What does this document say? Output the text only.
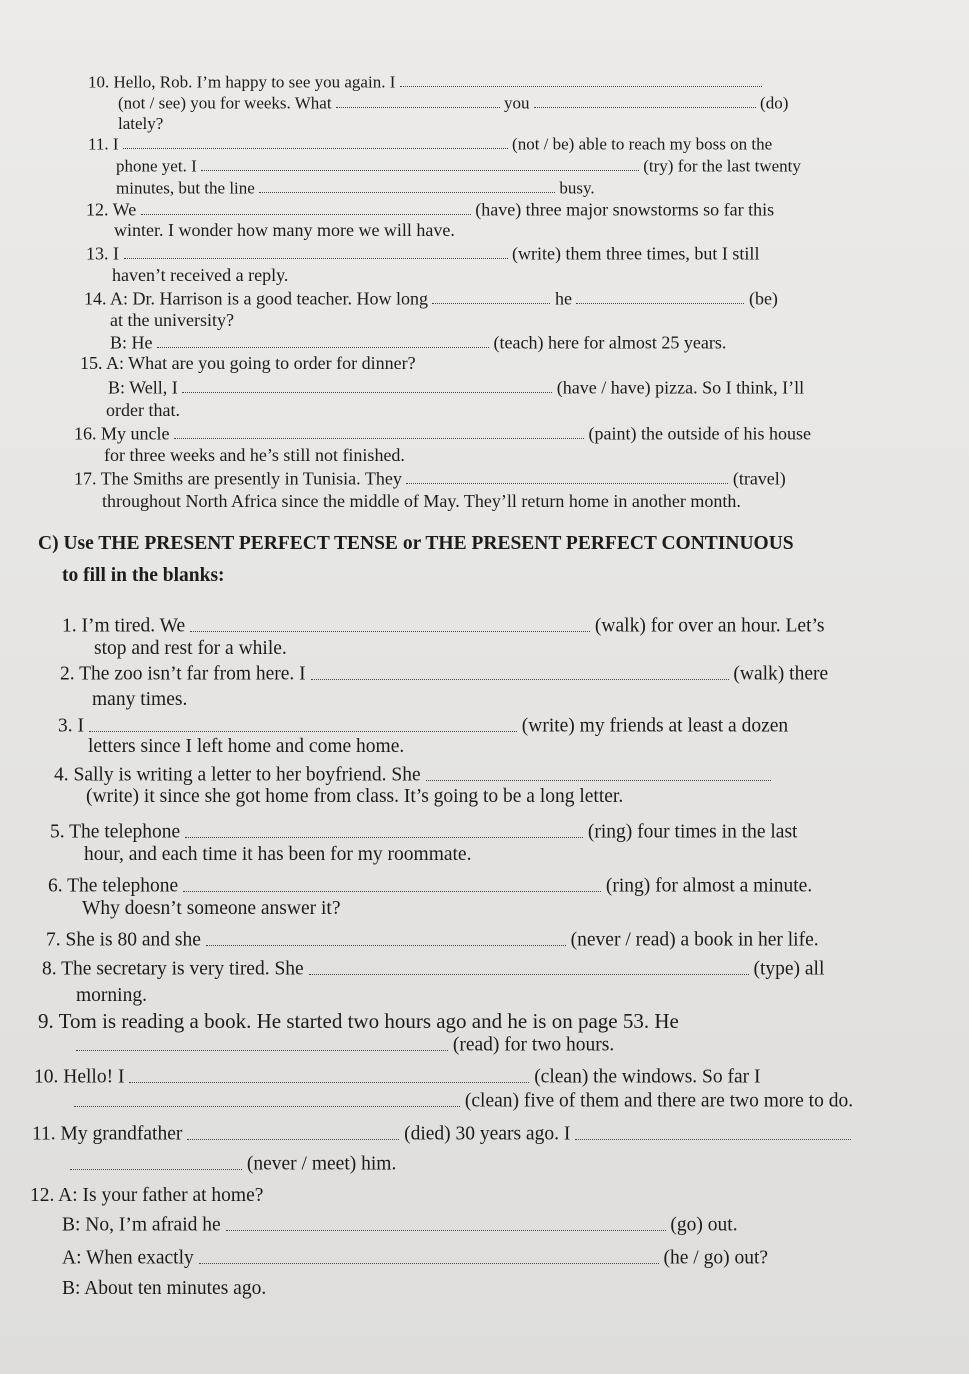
10. Hello, Rob. I’m happy to see you again. I
(not / see) you for weeks. What	you	(do)
lately?
11. I	(not / be) able to reach my boss on the
phone yet. I	(try) for the last twenty
minutes, but the line	busy.
12. We	(have) three major snowstorms so far this
winter. I wonder how many more we will have.
13. I	(write) them three times, but I still
haven’t received a reply.
14. A: Dr. Harrison is a good teacher. How long	he	(be)
at the university?
B: He	(teach) here for almost 25 years.
15. A: What are you going to order for dinner?
B: Well, I	(have / have) pizza. So I think, I’ll
order that.
16. My uncle	(paint) the outside of his house
for three weeks and he’s still not finished.
17. The Smiths are presently in Tunisia. They	(travel)
throughout North Africa since the middle of May. They’ll return home in another month.
C) Use THE PRESENT PERFECT TENSE or THE PRESENT PERFECT CONTINUOUS
to fill in the blanks:
1. I’m tired. We	(walk) for over an hour. Let’s
stop and rest for a while.
2. The zoo isn’t far from here. I	(walk) there
many times.
3. I	(write) my friends at least a dozen
letters since I left home and come home.
4. Sally is writing a letter to her boyfriend. She
(write) it since she got home from class. It’s going to be a long letter.
5. The telephone	(ring) four times in the last
hour, and each time it has been for my roommate.
6. The telephone	(ring) for almost a minute.
Why doesn’t someone answer it?
7. She is 80 and she	(never / read) a book in her life.
8. The secretary is very tired. She	(type) all
morning.
9. Tom is reading a book. He started two hours ago and he is on page 53. He
(read) for two hours.
10. Hello! I	(clean) the windows. So far I
(clean) five of them and there are two more to do.
11. My grandfather	(died) 30 years ago. I
(never / meet) him.
12. A: Is your father at home?
B: No, I’m afraid he	(go) out.
A: When exactly	(he / go) out?
B: About ten minutes ago.
